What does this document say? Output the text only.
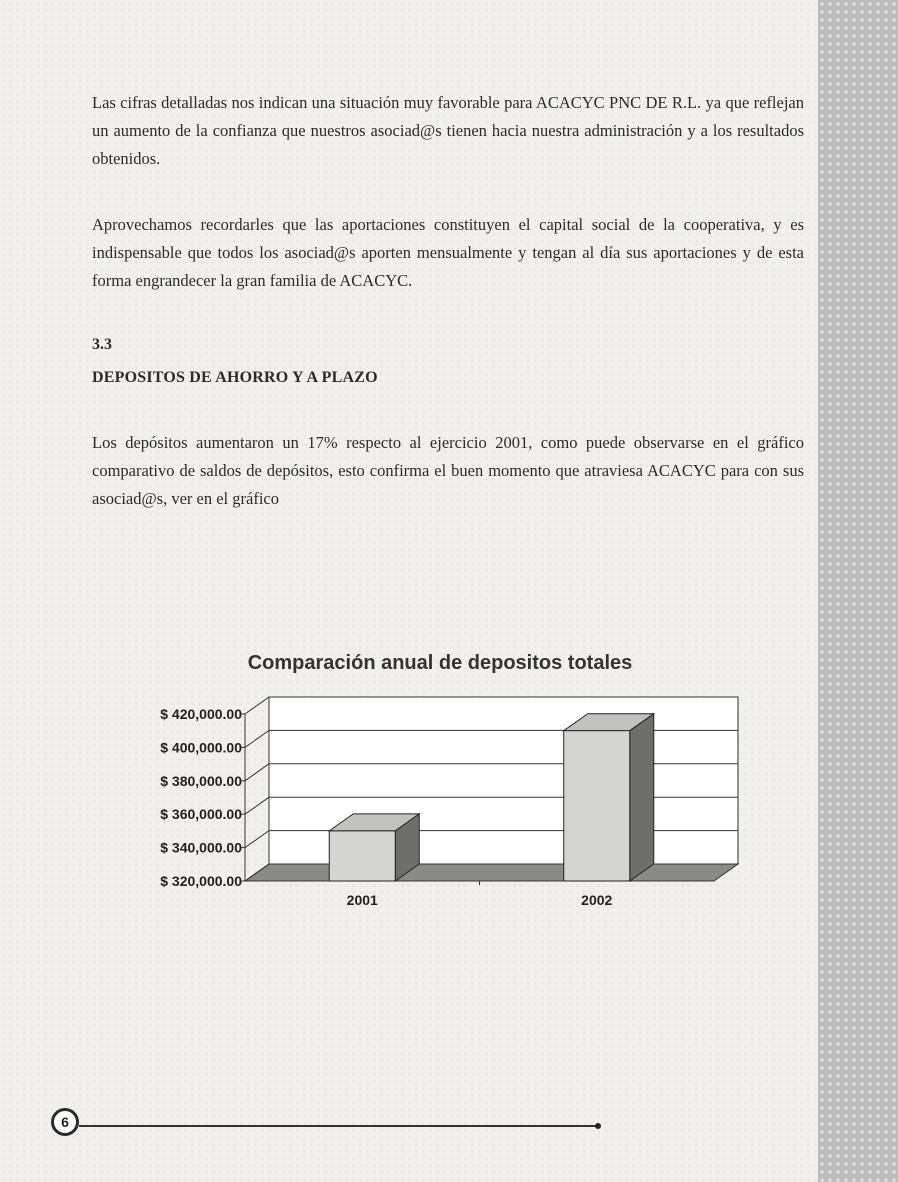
Las cifras detalladas nos indican una situación muy favorable para ACACYC PNC DE R.L. ya que reflejan un aumento de la confianza que nuestros asociad@s tienen hacia nuestra administración y a los resultados obtenidos.

Aprovechamos recordarles que las aportaciones constituyen el capital social de la cooperativa, y es indispensable que todos los asociad@s aporten mensualmente y tengan al día sus aportaciones y de esta forma engrandecer la gran familia de ACACYC.

3.3

DEPOSITOS DE AHORRO Y A PLAZO

Los depósitos aumentaron un 17% respecto al ejercicio 2001, como puede observarse en el gráfico comparativo de saldos de depósitos, esto confirma el buen momento que atraviesa ACACYC para con sus asociad@s, ver en el gráfico

Comparación anual de depositos totales
$ 320,000.00
$ 340,000.00
$ 360,000.00
$ 380,000.00
$ 400,000.00
$ 420,000.00
2001	2002
6
